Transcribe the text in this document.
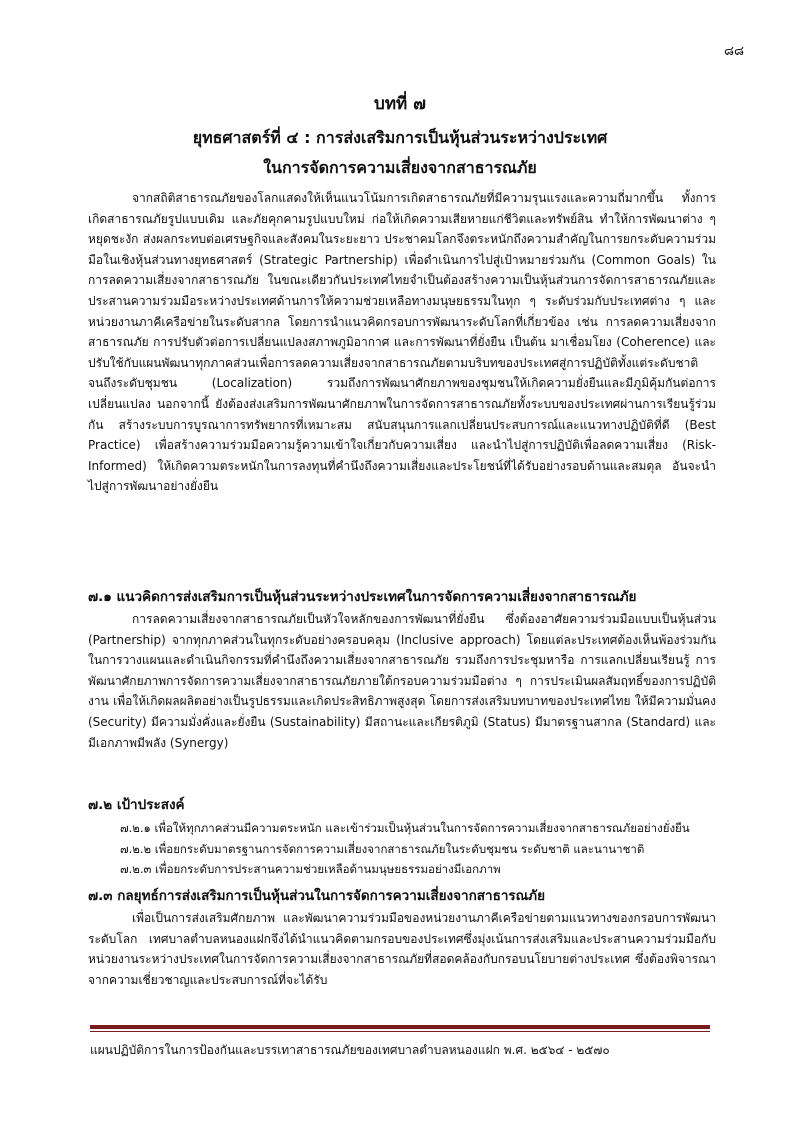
๘๘
บทที่ ๗
ยุทธศาสตร์ที่ ๔ : การส่งเสริมการเป็นหุ้นส่วนระหว่างประเทศ
ในการจัดการความเสี่ยงจากสาธารณภัย

จากสถิติสาธารณภัยของโลกแสดงให้เห็นแนวโน้มการเกิดสาธารณภัยที่มีความรุนแรงและความถี่มากขึ้น ทั้งการเกิดสาธารณภัยรูปแบบเดิม และภัยคุกคามรูปแบบใหม่ ก่อให้เกิดความเสียหายแก่ชีวิตและทรัพย์สิน ทำให้การพัฒนาต่าง ๆ หยุดชะงัก ส่งผลกระทบต่อเศรษฐกิจและสังคมในระยะยาว ประชาคมโลกจึงตระหนักถึงความสำคัญในการยกระดับความร่วมมือในเชิงหุ้นส่วนทางยุทธศาสตร์ (Strategic Partnership) เพื่อดำเนินการไปสู่เป้าหมายร่วมกัน (Common Goals) ในการลดความเสี่ยงจากสาธารณภัย ในขณะเดียวกันประเทศไทยจำเป็นต้องสร้างความเป็นหุ้นส่วนการจัดการสาธารณภัยและประสานความร่วมมือระหว่างประเทศด้านการให้ความช่วยเหลือทางมนุษยธรรมในทุก ๆ ระดับร่วมกับประเทศต่าง ๆ และหน่วยงานภาคีเครือข่ายในระดับสากล โดยการนำแนวคิดกรอบการพัฒนาระดับโลกที่เกี่ยวข้อง เช่น การลดความเสี่ยงจากสาธารณภัย การปรับตัวต่อการเปลี่ยนแปลงสภาพภูมิอากาศ และการพัฒนาที่ยั่งยืน เป็นต้น มาเชื่อมโยง (Coherence) และปรับใช้กับแผนพัฒนาทุกภาคส่วนเพื่อการลดความเสี่ยงจากสาธารณภัยตามบริบทของประเทศสู่การปฏิบัติทั้งแต่ระดับชาติจนถึงระดับชุมชน (Localization) รวมถึงการพัฒนาศักยภาพของชุมชนให้เกิดความยั่งยืนและมีภูมิคุ้มกันต่อการเปลี่ยนแปลง นอกจากนี้ ยังต้องส่งเสริมการพัฒนาศักยภาพในการจัดการสาธารณภัยทั้งระบบของประเทศผ่านการเรียนรู้ร่วมกัน สร้างระบบการบูรณาการทรัพยากรที่เหมาะสม สนับสนุนการแลกเปลี่ยนประสบการณ์และแนวทางปฏิบัติที่ดี (Best Practice) เพื่อสร้างความร่วมมือความรู้ความเข้าใจเกี่ยวกับความเสี่ยง และนำไปสู่การปฏิบัติเพื่อลดความเสี่ยง (Risk-Informed) ให้เกิดความตระหนักในการลงทุนที่คำนึงถึงความเสี่ยงและประโยชน์ที่ได้รับอย่างรอบด้านและสมดุล อันจะนำไปสู่การพัฒนาอย่างยั่งยืน

๗.๑ แนวคิดการส่งเสริมการเป็นหุ้นส่วนระหว่างประเทศในการจัดการความเสี่ยงจากสาธารณภัย

การลดความเสี่ยงจากสาธารณภัยเป็นหัวใจหลักของการพัฒนาที่ยั่งยืน ซึ่งต้องอาศัยความร่วมมือแบบเป็นหุ้นส่วน (Partnership) จากทุกภาคส่วนในทุกระดับอย่างครอบคลุม (Inclusive approach) โดยแต่ละประเทศต้องเห็นพ้องร่วมกันในการวางแผนและดำเนินกิจกรรมที่คำนึงถึงความเสี่ยงจากสาธารณภัย รวมถึงการประชุมหารือ การแลกเปลี่ยนเรียนรู้ การพัฒนาศักยภาพการจัดการความเสี่ยงจากสาธารณภัยภายใต้กรอบความร่วมมือต่าง ๆ การประเมินผลสัมฤทธิ์ของการปฏิบัติงาน เพื่อให้เกิดผลผลิตอย่างเป็นรูปธรรมและเกิดประสิทธิภาพสูงสุด โดยการส่งเสริมบทบาทของประเทศไทย ให้มีความมั่นคง (Security) มีความมั่งคั่งและยั่งยืน (Sustainability) มีสถานะและเกียรติภูมิ (Status) มีมาตรฐานสากล (Standard) และมีเอกภาพมีพลัง (Synergy)

๗.๒ เป้าประสงค์
๗.๒.๑ เพื่อให้ทุกภาคส่วนมีความตระหนัก และเข้าร่วมเป็นหุ้นส่วนในการจัดการความเสี่ยงจากสาธารณภัยอย่างยั่งยืน
๗.๒.๒ เพื่อยกระดับมาตรฐานการจัดการความเสี่ยงจากสาธารณภัยในระดับชุมชน ระดับชาติ และนานาชาติ
๗.๒.๓ เพื่อยกระดับการประสานความช่วยเหลือด้านมนุษยธรรมอย่างมีเอกภาพ
๗.๓ กลยุทธ์การส่งเสริมการเป็นหุ้นส่วนในการจัดการความเสี่ยงจากสาธารณภัย

เพื่อเป็นการส่งเสริมศักยภาพ และพัฒนาความร่วมมือของหน่วยงานภาคีเครือข่ายตามแนวทางของกรอบการพัฒนาระดับโลก เทศบาลตำบลหนองแฝกจึงได้นำแนวคิดตามกรอบของประเทศซึ่งมุ่งเน้นการส่งเสริมและประสานความร่วมมือกับหน่วยงานระหว่างประเทศในการจัดการความเสี่ยงจากสาธารณภัยที่สอดคล้องกับกรอบนโยบายต่างประเทศ ซึ่งต้องพิจารณาจากความเชี่ยวชาญและประสบการณ์ที่จะได้รับ

แผนปฏิบัติการในการป้องกันและบรรเทาสาธารณภัยของเทศบาลตำบลหนองแฝก พ.ศ. ๒๕๖๔ - ๒๕๗๐
